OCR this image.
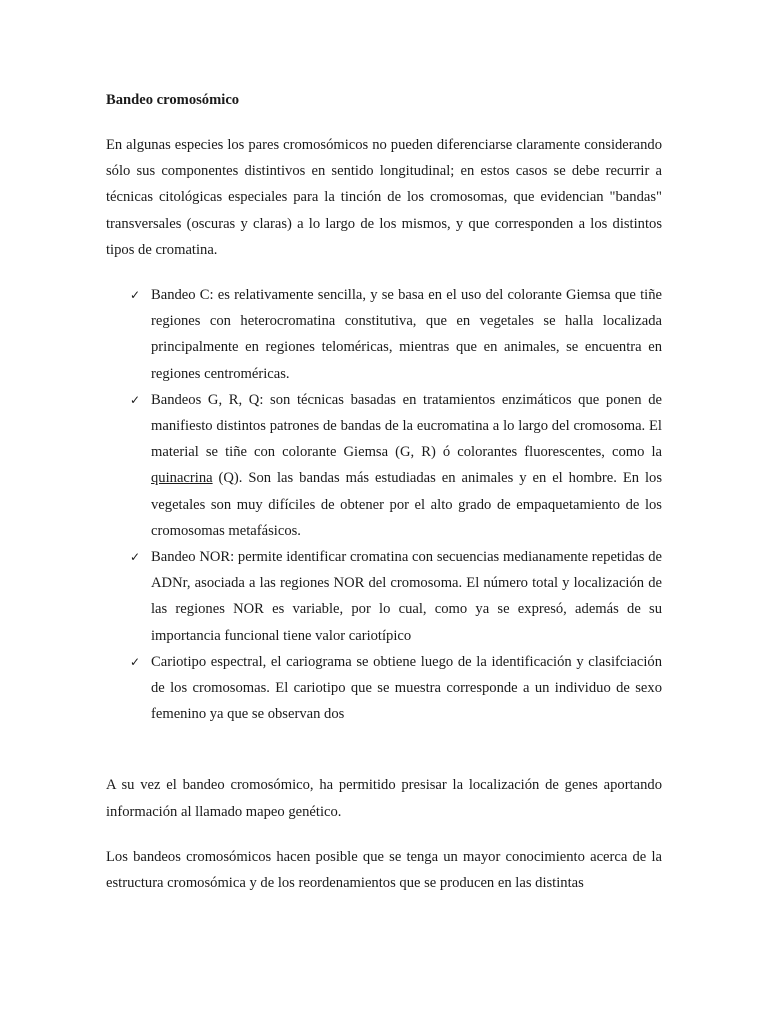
Bandeo cromosómico

En algunas especies los pares cromosómicos no pueden diferenciarse claramente considerando sólo sus componentes distintivos en sentido longitudinal; en estos casos se debe recurrir a técnicas citológicas especiales para la tinción de los cromosomas, que evidencian "bandas" transversales (oscuras y claras) a lo largo de los mismos, y que corresponden a los distintos tipos de cromatina.

✓ Bandeo C: es relativamente sencilla, y se basa en el uso del colorante Giemsa que tiñe regiones con heterocromatina constitutiva, que en vegetales se halla localizada principalmente en regiones teloméricas, mientras que en animales, se encuentra en regiones centroméricas.
✓ Bandeos G, R, Q: son técnicas basadas en tratamientos enzimáticos que ponen de manifiesto distintos patrones de bandas de la eucromatina a lo largo del cromosoma. El material se tiñe con colorante Giemsa (G, R) ó colorantes fluorescentes, como la quinacrina (Q). Son las bandas más estudiadas en animales y en el hombre. En los vegetales son muy difíciles de obtener por el alto grado de empaquetamiento de los cromosomas metafásicos.
✓ Bandeo NOR: permite identificar cromatina con secuencias medianamente repetidas de ADNr, asociada a las regiones NOR del cromosoma. El número total y localización de las regiones NOR es variable, por lo cual, como ya se expresó, además de su importancia funcional tiene valor cariotípico
✓ Cariotipo espectral, el cariograma se obtiene luego de la identificación y clasifciación de los cromosomas. El cariotipo que se muestra corresponde a un individuo de sexo femenino ya que se observan dos

A su vez el bandeo cromosómico, ha permitido presisar la localización de genes aportando información al llamado mapeo genético.

Los bandeos cromosómicos hacen posible que se tenga un mayor conocimiento acerca de la estructura cromosómica y de los reordenamientos que se producen en las distintas
